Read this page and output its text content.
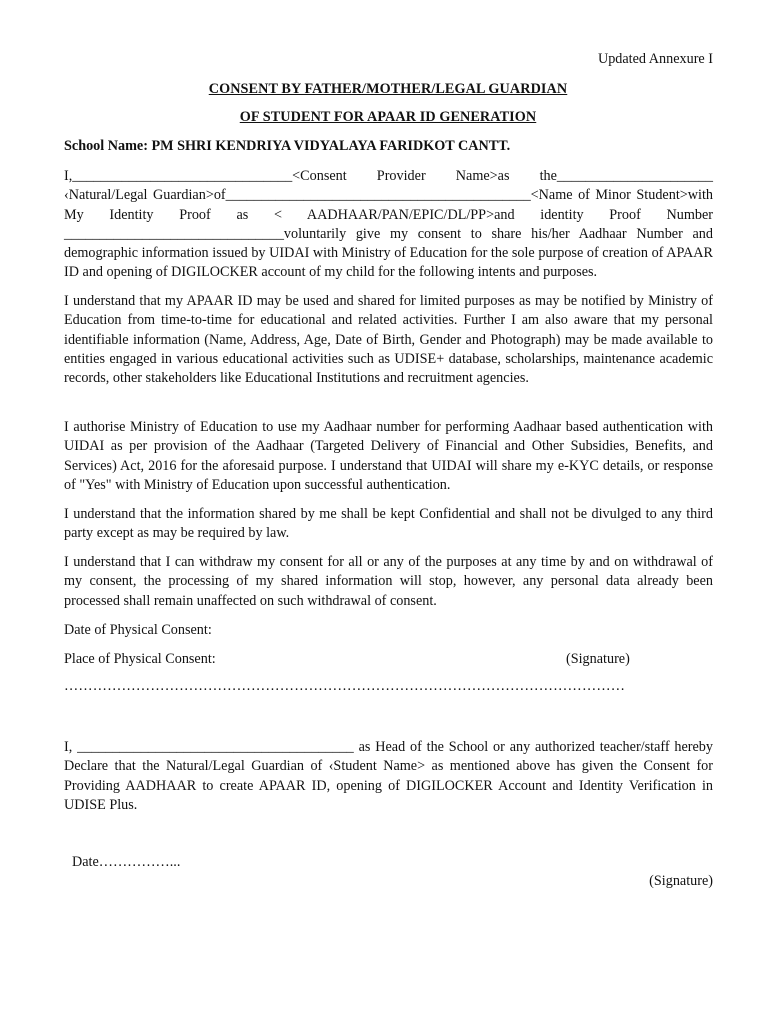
Updated Annexure I
CONSENT BY FATHER/MOTHER/LEGAL GUARDIAN
OF STUDENT FOR APAAR ID GENERATION
School Name: PM SHRI KENDRIYA VIDYALAYA FARIDKOT CANTT.
I,_______________________________<Consent Provider Name>as the______________________ ‹Natural/Legal Guardian>of___________________________________________<Name of Minor Student>with My Identity Proof as < AADHAAR/PAN/EPIC/DL/PP>and identity Proof Number _______________________________voluntarily give my consent to share his/her Aadhaar Number and demographic information issued by UIDAI with Ministry of Education for the sole purpose of creation of APAAR ID and opening of DIGILOCKER account of my child for the following intents and purposes.
I understand that my APAAR ID may be used and shared for limited purposes as may be notified by Ministry of Education from time-to-time for educational and related activities. Further I am also aware that my personal identifiable information (Name, Address, Age, Date of Birth, Gender and Photograph) may be made available to entities engaged in various educational activities such as UDISE+ database, scholarships, maintenance academic records, other stakeholders like Educational Institutions and recruitment agencies.
I authorise Ministry of Education to use my Aadhaar number for performing Aadhaar based authentication with UIDAI as per provision of the Aadhaar (Targeted Delivery of Financial and Other Subsidies, Benefits, and Services) Act, 2016 for the aforesaid purpose. I understand that UIDAI will share my e-KYC details, or response of "Yes" with Ministry of Education upon successful authentication.
I understand that the information shared by me shall be kept Confidential and shall not be divulged to any third party except as may be required by law.
I understand that I can withdraw my consent for all or any of the purposes at any time by and on withdrawal of my consent, the processing of my shared information will stop, however, any personal data already been processed shall remain unaffected on such withdrawal of consent.
Date of Physical Consent:
Place of Physical Consent:	(Signature)
………………………………………………………………………………………………………
I, _______________________________________ as Head of the School or any authorized teacher/staff hereby Declare that the Natural/Legal Guardian of ‹Student Name> as mentioned above has given the Consent for Providing AADHAAR to create APAAR ID, opening of DIGILOCKER Account and Identity Verification in UDISE Plus.
Date……………...
(Signature)
